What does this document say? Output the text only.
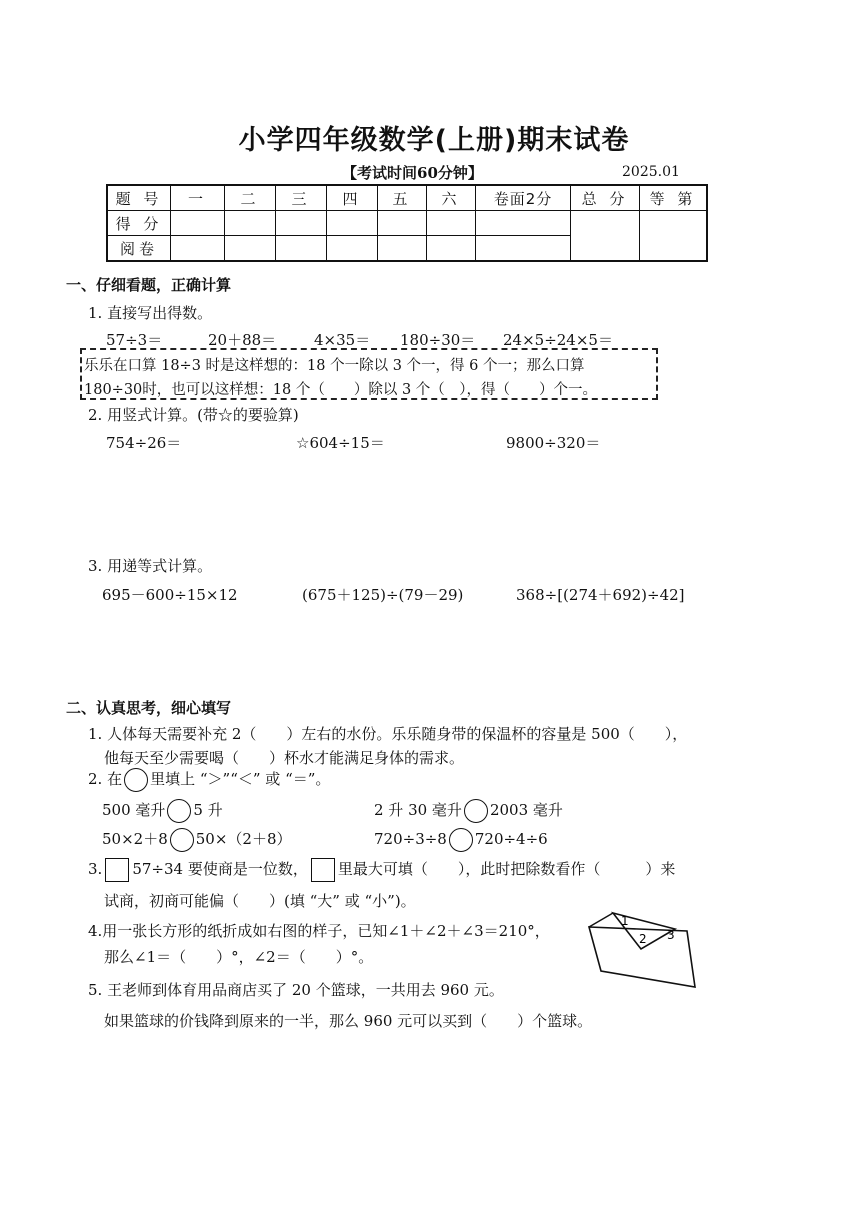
小学四年级数学(上册)期末试卷
【考试时间60分钟】	2025.01
题 号	一	二	三	四	五	六	卷面2分	总 分	等 第
得 分									
阅卷									
一、仔细看题，正确计算
1. 直接写出得数。
57÷3＝	20＋88＝	4×35＝ 180÷30＝ 24×5÷24×5＝
乐乐在口算 18÷3 时是这样想的：18 个一除以 3 个一，得 6 个一；那么口算
180÷30时，也可以这样想：18 个（　　）除以 3 个（　），得（　　）个一。
2. 用竖式计算。(带☆的要验算)
754÷26＝	☆604÷15＝	9800÷320＝
3. 用递等式计算。
695－600÷15×12	(675＋125)÷(79－29)	368÷[(274＋692)÷42]
二、认真思考，细心填写
1. 人体每天需要补充 2（　　）左右的水份。乐乐随身带的保温杯的容量是 500（　　），
他每天至少需要喝（　　）杯水才能满足身体的需求。
2. 在 里填上 “＞”“＜” 或 “＝”。
500 毫升 5 升	2 升 30 毫升 2003 毫升
50×2＋8 50×（2＋8）	720÷3÷8 720÷4÷6
3. 57÷34 要使商是一位数， 里最大可填（　　），此时把除数看作（　　　）来
试商，初商可能偏（　　）(填 “大” 或 “小”)。
4.用一张长方形的纸折成如右图的样子，已知∠1＋∠2＋∠3＝210°，
那么∠1＝（　　）°，∠2＝（　　）°。
1
2 3
5. 王老师到体育用品商店买了 20 个篮球，一共用去 960 元。
如果篮球的价钱降到原来的一半，那么 960 元可以买到（　　）个篮球。
